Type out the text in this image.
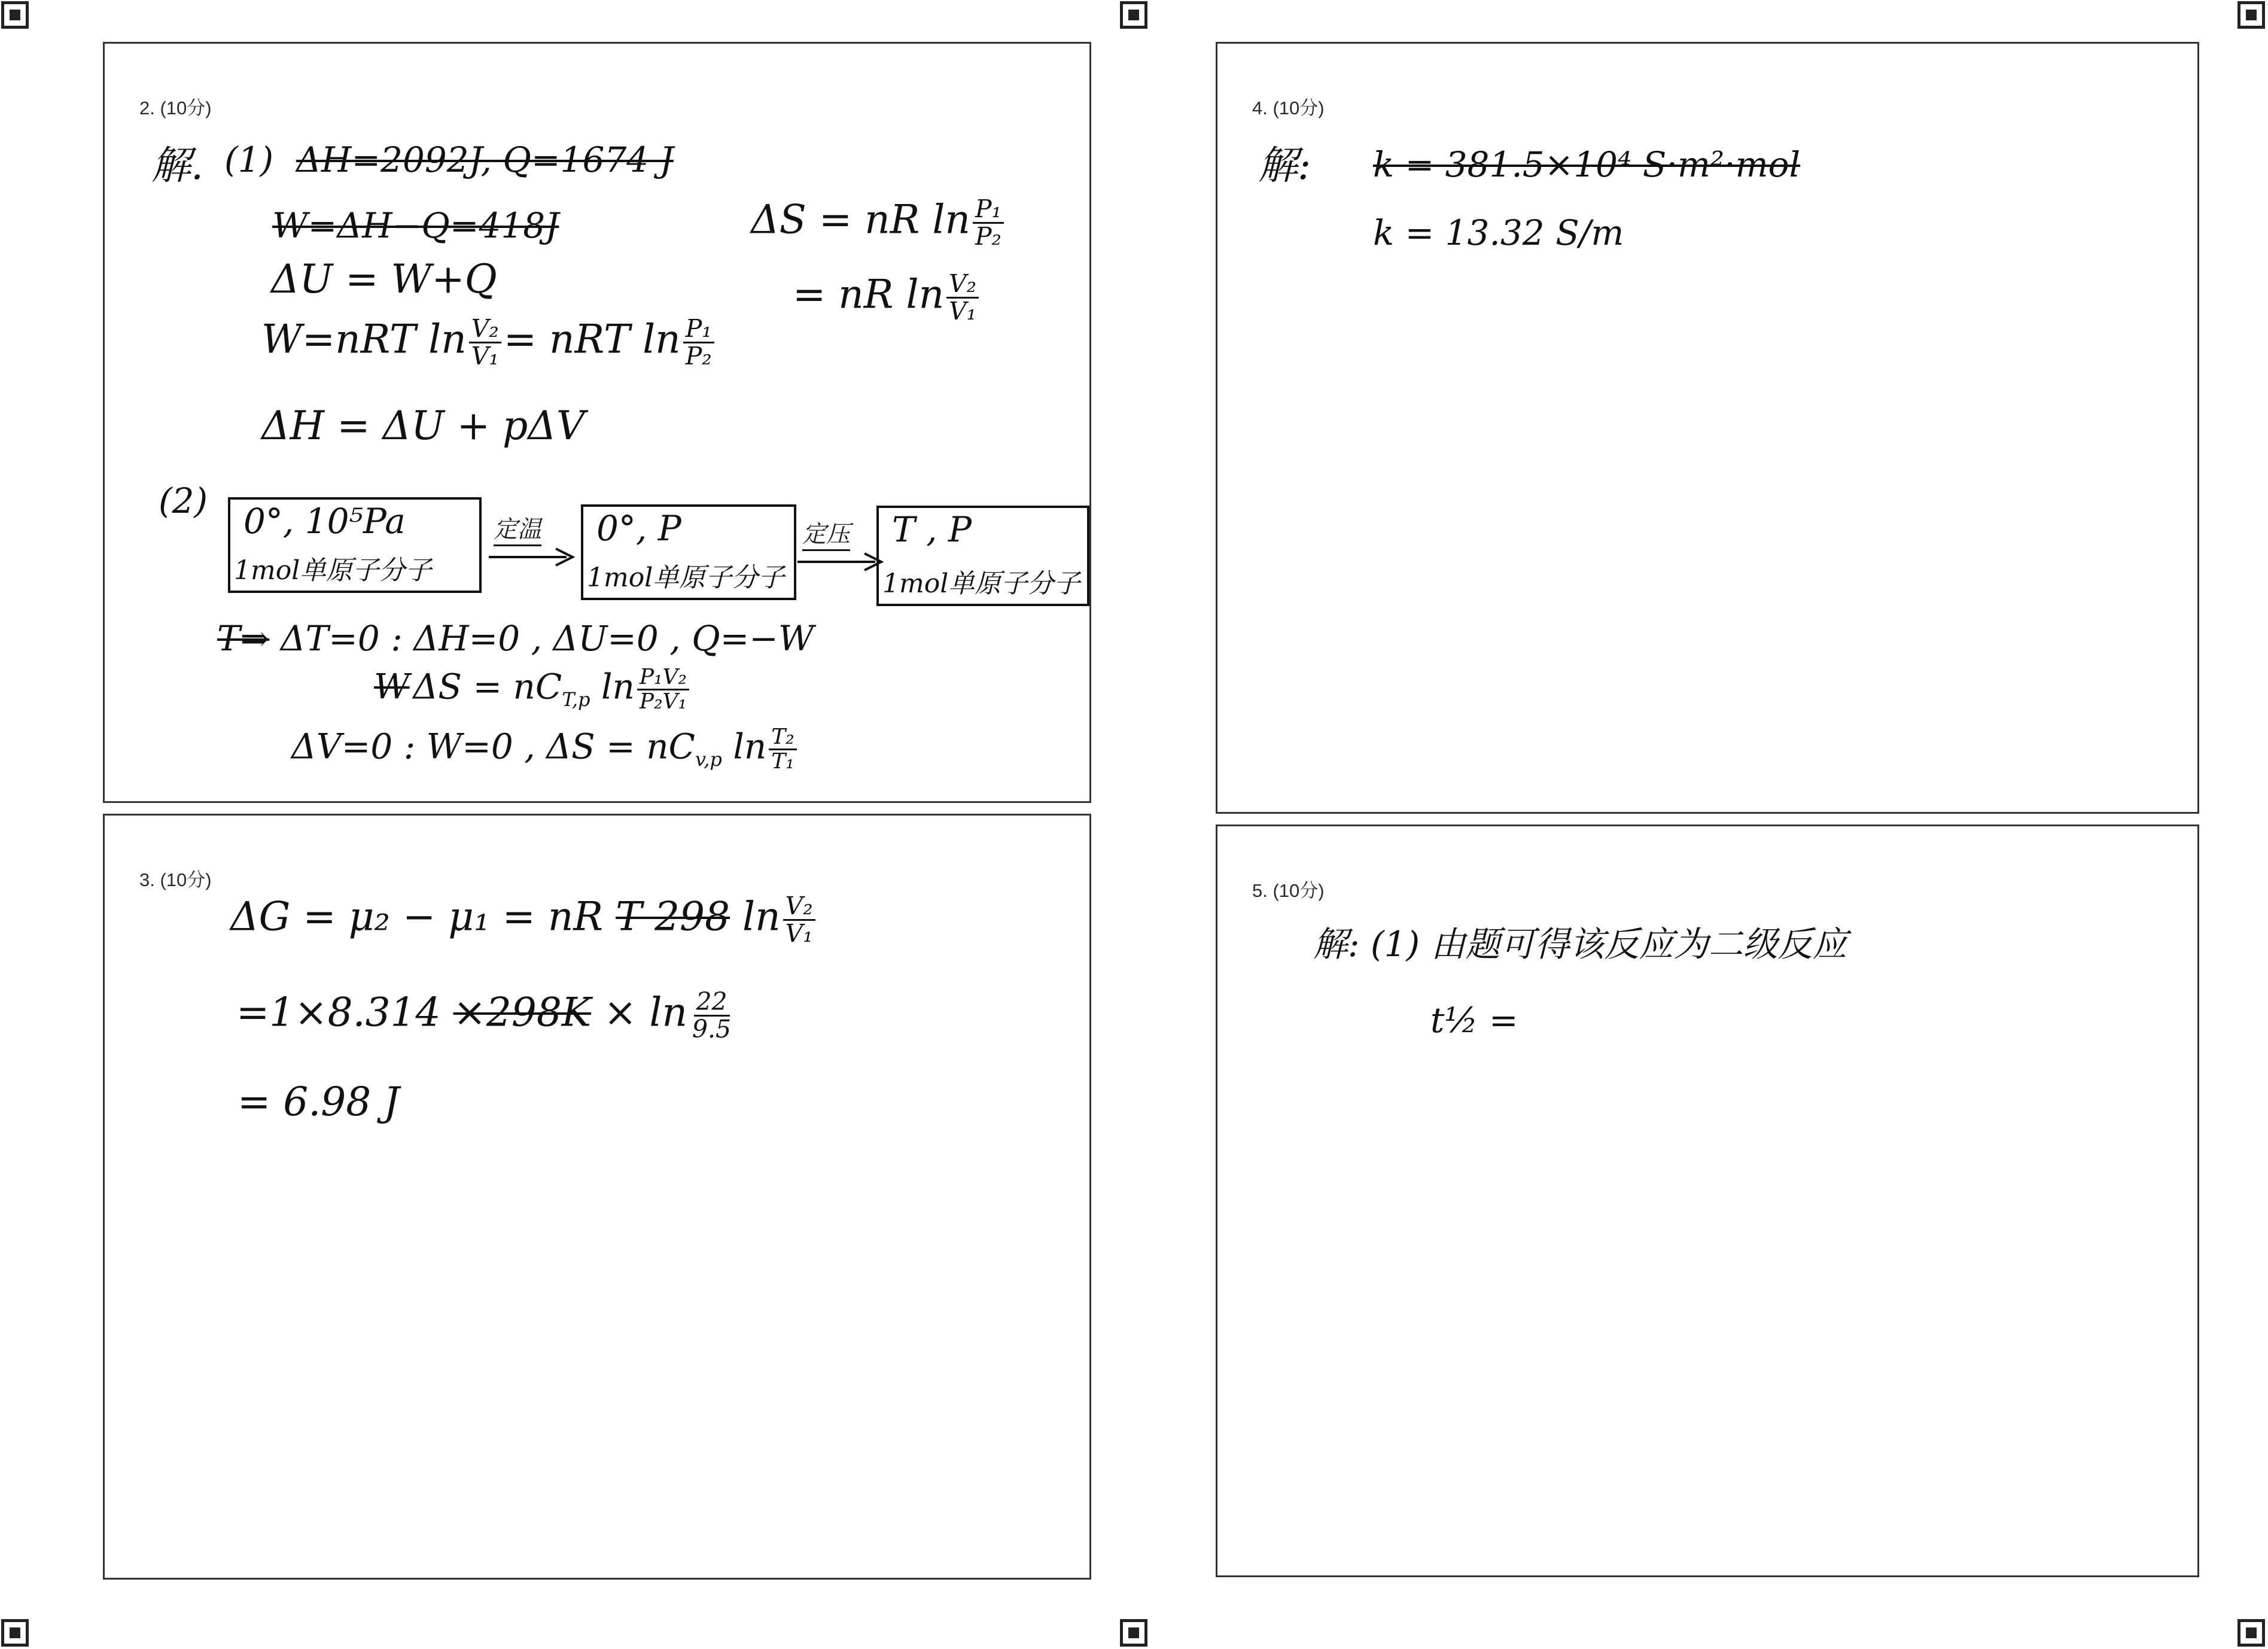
2. (10分)
解. (1) ΔH=2092J, Q=1674 J
W=ΔH−Q=418J
ΔU = W+Q
W=nRT $\ln \frac{\text{V₂}}{\text{V₁}}$ = nRT $\ln \frac{\text{P₁}}{\text{P₂}}$
ΔH = ΔU + pΔV
ΔS = nR $\ln \frac{\text{P₁}}{\text{P₂}}$
= nR $\ln \frac{\text{V₂}}{\text{V₁}}$
(2) 0°, 10⁵Pa
1mol单原子分子
定温 0°, P
1mol单原子分子
定压 T , P
1mol单原子分子
T⇒ ΔT=0 : ΔH=0 , ΔU=0 , Q=−W
W $\Delta S = nC_{T,p}$ $\ln \frac{\text{P₁V₂}}{\text{P₂V₁}}$
ΔV=0 : W=0 , $\Delta S = nC_{v,p}$ $\ln \frac{\text{T₂}}{\text{T₁}}$
3. (10分)
ΔG = μ₂ − μ₁ = nR T 298 $\ln \frac{\text{V₂}}{\text{V₁}}$
$=1\times 8.314 \times 298K \times \ln \frac{22}{9.5}$
= 6.98 J
4. (10分)
解: k = 381.5×10⁴ S·m²·mol
k = 13.32 S/m
5. (10分)
解: (1) 由题可得该反应为二级反应
t½ =
